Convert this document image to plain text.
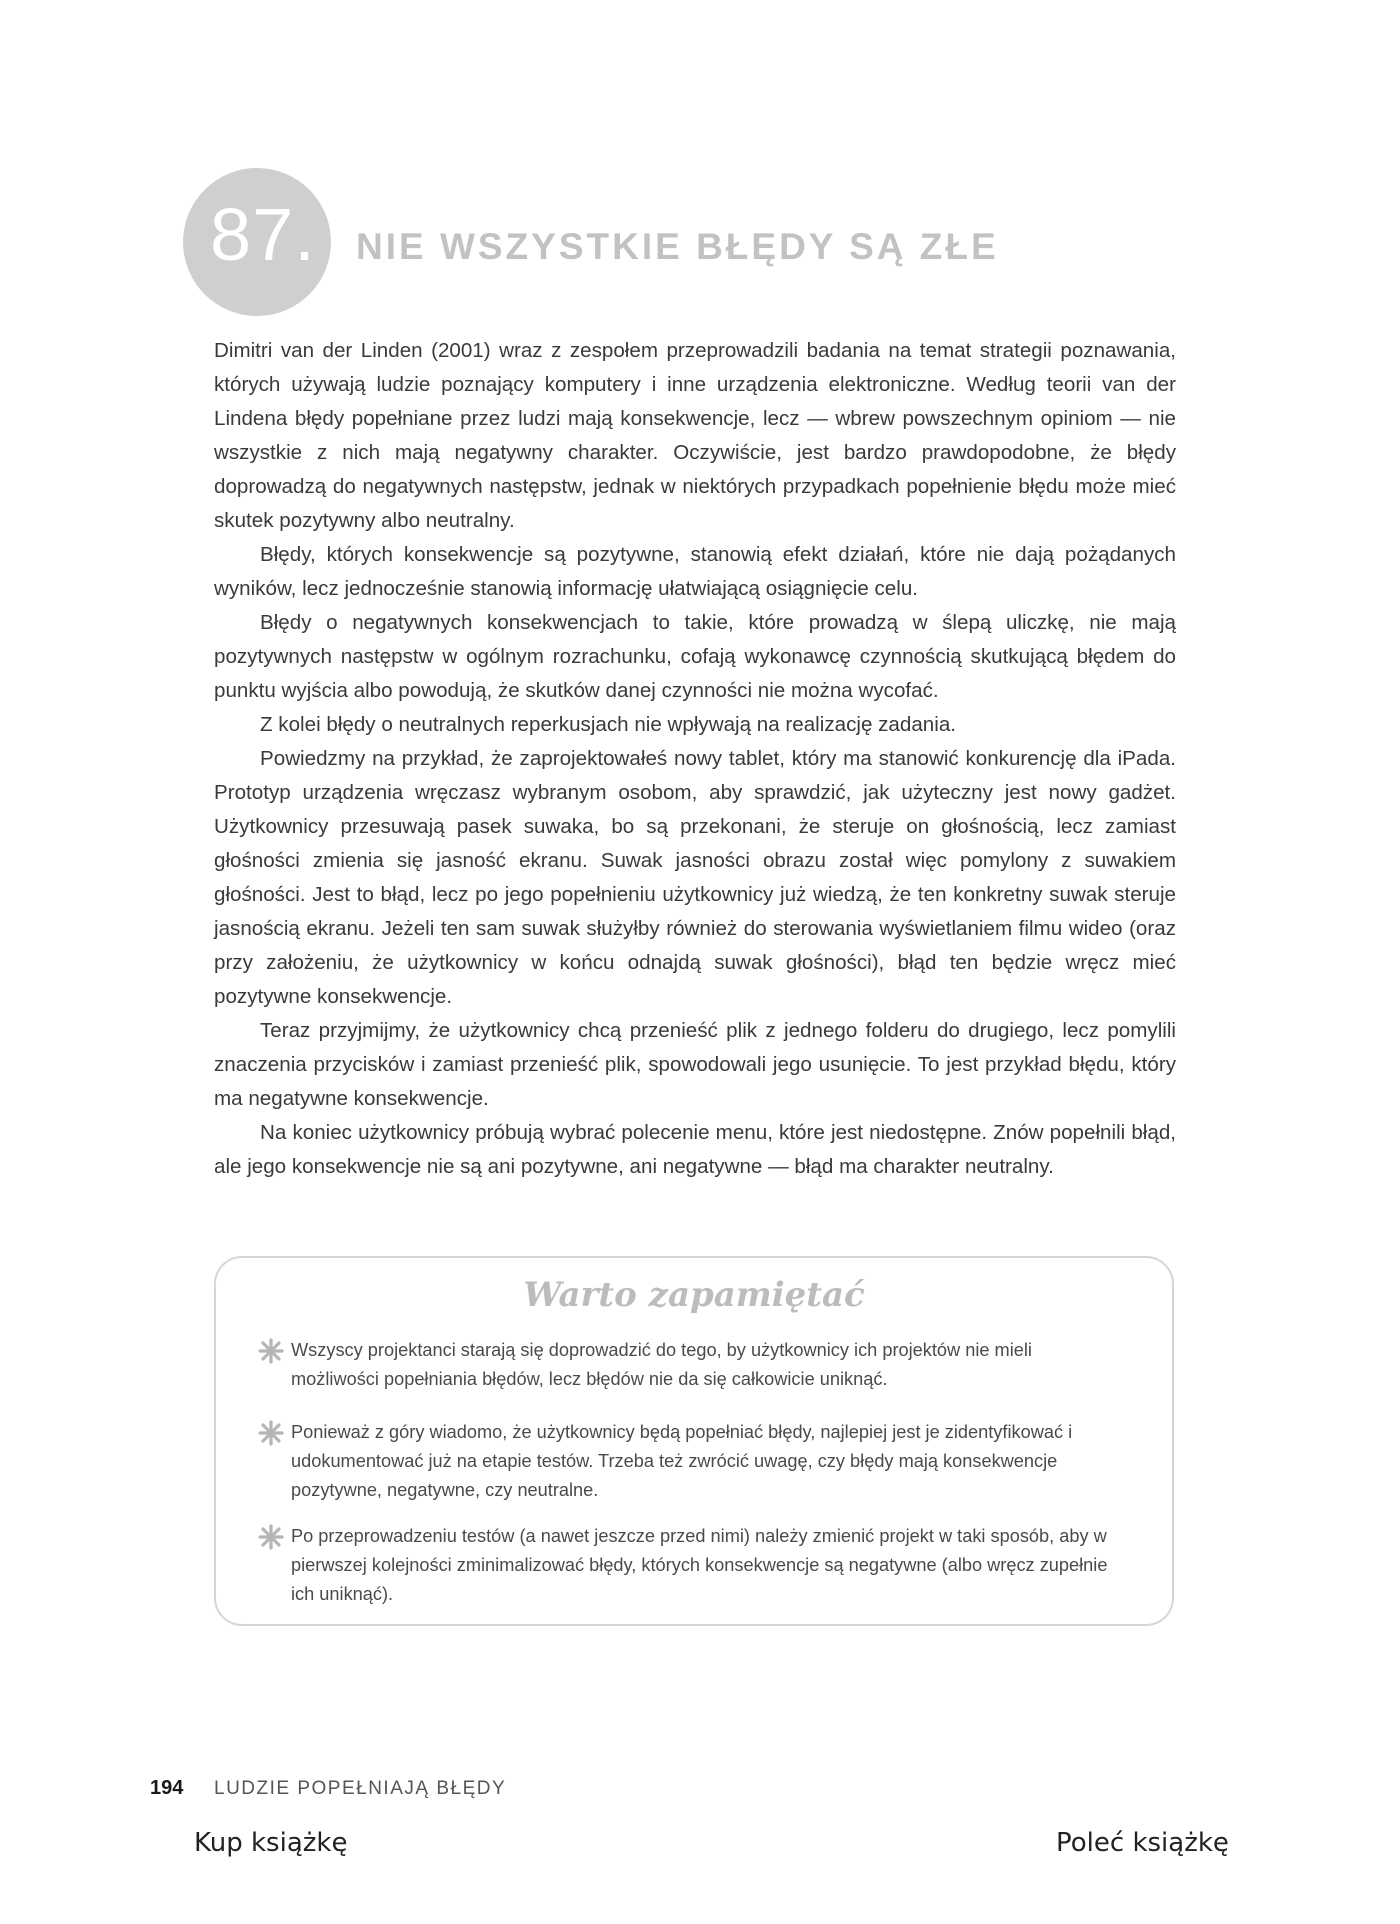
87. NIE WSZYSTKIE BŁĘDY SĄ ZŁE

Dimitri van der Linden (2001) wraz z zespołem przeprowadzili badania na temat strategii poznawania, których używają ludzie poznający komputery i inne urządzenia elektroniczne. Według teorii van der Lindena błędy popełniane przez ludzi mają konsekwencje, lecz — wbrew powszechnym opiniom — nie wszystkie z nich mają negatywny charakter. Oczywiście, jest bardzo prawdopodobne, że błędy doprowadzą do negatywnych następstw, jednak w niektórych przypadkach popełnienie błędu może mieć skutek pozytywny albo neutralny.

Błędy, których konsekwencje są pozytywne, stanowią efekt działań, które nie dają pożądanych wyników, lecz jednocześnie stanowią informację ułatwiającą osiągnięcie celu.

Błędy o negatywnych konsekwencjach to takie, które prowadzą w ślepą uliczkę, nie mają pozytywnych następstw w ogólnym rozrachunku, cofają wykonawcę czynnością skutkującą błędem do punktu wyjścia albo powodują, że skutków danej czynności nie można wycofać.

Z kolei błędy o neutralnych reperkusjach nie wpływają na realizację zadania.

Powiedzmy na przykład, że zaprojektowałeś nowy tablet, który ma stanowić konkurencję dla iPada. Prototyp urządzenia wręczasz wybranym osobom, aby sprawdzić, jak użyteczny jest nowy gadżet. Użytkownicy przesuwają pasek suwaka, bo są przekonani, że steruje on głośnością, lecz zamiast głośności zmienia się jasność ekranu. Suwak jasności obrazu został więc pomylony z suwakiem głośności. Jest to błąd, lecz po jego popełnieniu użytkownicy już wiedzą, że ten konkretny suwak steruje jasnością ekranu. Jeżeli ten sam suwak służyłby również do sterowania wyświetlaniem filmu wideo (oraz przy założeniu, że użytkownicy w końcu odnajdą suwak głośności), błąd ten będzie wręcz mieć pozytywne konsekwencje.

Teraz przyjmijmy, że użytkownicy chcą przenieść plik z jednego folderu do drugiego, lecz pomylili znaczenia przycisków i zamiast przenieść plik, spowodowali jego usunięcie. To jest przykład błędu, który ma negatywne konsekwencje.

Na koniec użytkownicy próbują wybrać polecenie menu, które jest niedostępne. Znów popełnili błąd, ale jego konsekwencje nie są ani pozytywne, ani negatywne — błąd ma charakter neutralny.

Warto zapamiętać
Wszyscy projektanci starają się doprowadzić do tego, by użytkownicy ich projektów nie mieli możliwości popełniania błędów, lecz błędów nie da się całkowicie uniknąć.
Ponieważ z góry wiadomo, że użytkownicy będą popełniać błędy, najlepiej jest je zidentyfikować i udokumentować już na etapie testów. Trzeba też zwrócić uwagę, czy błędy mają konsekwencje pozytywne, negatywne, czy neutralne.
Po przeprowadzeniu testów (a nawet jeszcze przed nimi) należy zmienić projekt w taki sposób, aby w pierwszej kolejności zminimalizować błędy, których konsekwencje są negatywne (albo wręcz zupełnie ich uniknąć).
194 LUDZIE POPEŁNIAJĄ BŁĘDY
Kup książkę	Poleć książkę
